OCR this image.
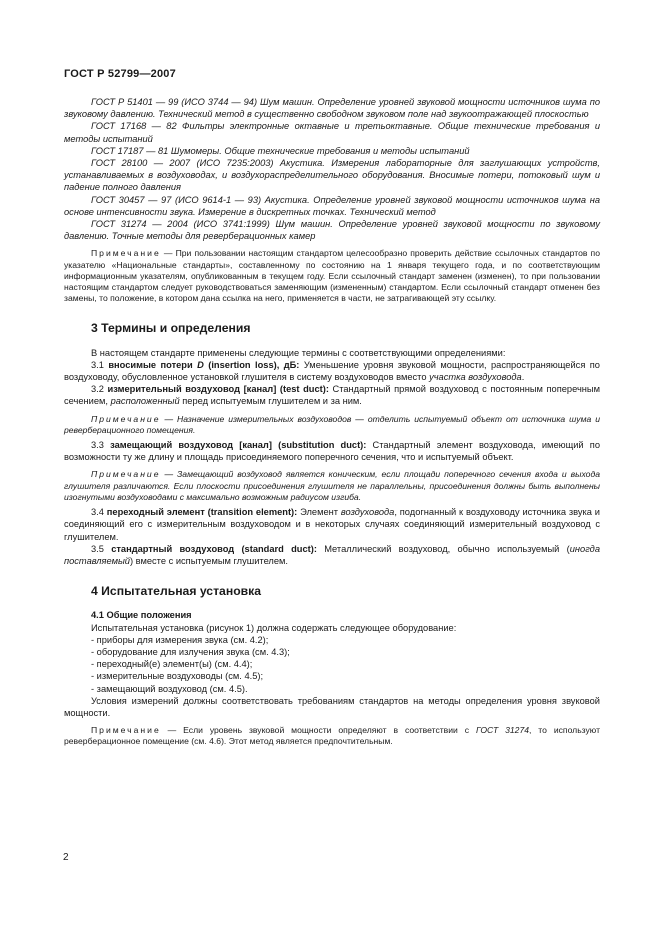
ГОСТ Р 52799—2007

ГОСТ Р 51401 — 99 (ИСО 3744 — 94) Шум машин. Определение уровней звуковой мощности источников шума по звуковому давлению. Технический метод в существенно свободном звуковом поле над звукоотражающей плоскостью

ГОСТ 17168 — 82 Фильтры электронные октавные и третьоктавные. Общие технические требования и методы испытаний

ГОСТ 17187 — 81 Шумомеры. Общие технические требования и методы испытаний

ГОСТ 28100 — 2007 (ИСО 7235:2003) Акустика. Измерения лабораторные для заглушающих устройств, устанавливаемых в воздуховодах, и воздухораспределительного оборудования. Вносимые потери, потоковый шум и падение полного давления

ГОСТ 30457 — 97 (ИСО 9614-1 — 93) Акустика. Определение уровней звуковой мощности источников шума на основе интенсивности звука. Измерение в дискретных точках. Технический метод

ГОСТ 31274 — 2004 (ИСО 3741:1999) Шум машин. Определение уровней звуковой мощности по звуковому давлению. Точные методы для реверберационных камер

Примечание — При пользовании настоящим стандартом целесообразно проверить действие ссылочных стандартов по указателю «Национальные стандарты», составленному по состоянию на 1 января текущего года, и по соответствующим информационным указателям, опубликованным в текущем году. Если ссылочный стандарт заменен (изменен), то при пользовании настоящим стандартом следует руководствоваться заменяющим (измененным) стандартом. Если ссылочный стандарт отменен без замены, то положение, в котором дана ссылка на него, применяется в части, не затрагивающей эту ссылку.

3 Термины и определения

В настоящем стандарте применены следующие термины с соответствующими определениями:

3.1 вносимые потери D (insertion loss), дБ: Уменьшение уровня звуковой мощности, распространяющейся по воздуховоду, обусловленное установкой глушителя в систему воздуховодов вместо участка воздуховода.

3.2 измерительный воздуховод [канал] (test duct): Стандартный прямой воздуховод с постоянным поперечным сечением, расположенный перед испытуемым глушителем и за ним.

Примечание — Назначение измерительных воздуховодов — отделить испытуемый объект от источника шума и реверберационного помещения.

3.3 замещающий воздуховод [канал] (substitution duct): Стандартный элемент воздуховода, имеющий по возможности ту же длину и площадь присоединяемого поперечного сечения, что и испытуемый объект.

Примечание — Замещающий воздуховод является коническим, если площади поперечного сечения входа и выхода глушителя различаются. Если плоскости присоединения глушителя не параллельны, присоединения должны быть выполнены изогнутыми воздуховодами с максимально возможным радиусом изгиба.

3.4 переходный элемент (transition element): Элемент воздуховода, подогнанный к воздуховоду источника звука и соединяющий его с измерительным воздуховодом и в некоторых случаях соединяющий измерительный воздуховод с глушителем.

3.5 стандартный воздуховод (standard duct): Металлический воздуховод, обычно используемый (иногда поставляемый) вместе с испытуемым глушителем.

4 Испытательная установка

4.1 Общие положения

Испытательная установка (рисунок 1) должна содержать следующее оборудование:

- приборы для измерения звука (см. 4.2);

- оборудование для излучения звука (см. 4.3);

- переходный(е) элемент(ы) (см. 4.4);

- измерительные воздуховоды (см. 4.5);

- замещающий воздуховод (см. 4.5).

Условия измерений должны соответствовать требованиям стандартов на методы определения уровня звуковой мощности.

Примечание — Если уровень звуковой мощности определяют в соответствии с ГОСТ 31274, то используют реверберационное помещение (см. 4.6). Этот метод является предпочтительным.

2
